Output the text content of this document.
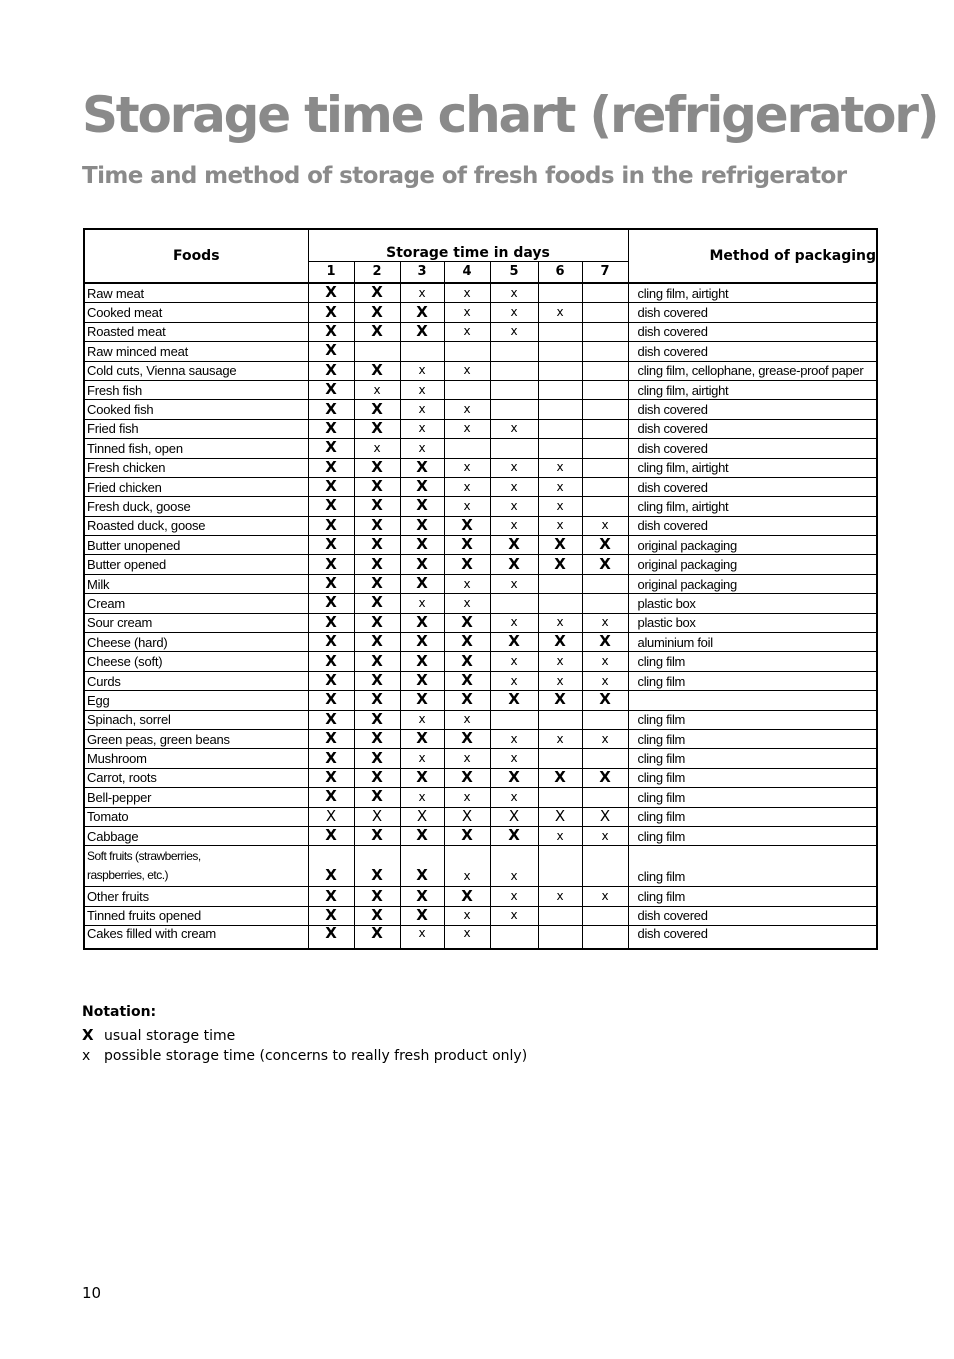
Storage time chart (refrigerator)
Time and method of storage of fresh foods in the refrigerator
Foods	Storage time in days							Method of packaging
	1	2	3	4	5	6	7	
Raw meat	X	X	x	x	x			cling film, airtight
Cooked meat	X	X	X	x	x	x		dish covered
Roasted meat	X	X	X	x	x			dish covered
Raw minced meat	X							dish covered
Cold cuts, Vienna sausage	X	X	x	x				cling film, cellophane, grease-proof paper
Fresh fish	X	x	x					cling film, airtight
Cooked fish	X	X	x	x				dish covered
Fried fish	X	X	x	x	x			dish covered
Tinned fish, open	X	x	x					dish covered
Fresh chicken	X	X	X	x	x	x		cling film, airtight
Fried chicken	X	X	X	x	x	x		dish covered
Fresh duck, goose	X	X	X	x	x	x		cling film, airtight
Roasted duck, goose	X	X	X	X	x	x	x	dish covered
Butter unopened	X	X	X	X	X	X	X	original packaging
Butter opened	X	X	X	X	X	X	X	original packaging
Milk	X	X	X	x	x			original packaging
Cream	X	X	x	x				plastic box
Sour cream	X	X	X	X	x	x	x	plastic box
Cheese (hard)	X	X	X	X	X	X	X	aluminium foil
Cheese (soft)	X	X	X	X	x	x	x	cling film
Curds	X	X	X	X	x	x	x	cling film
Egg	X	X	X	X	X	X	X	
Spinach, sorrel	X	X	x	x				cling film
Green peas, green beans	X	X	X	X	x	x	x	cling film
Mushroom	X	X	x	x	x			cling film
Carrot, roots	X	X	X	X	X	X	X	cling film
Bell-pepper	X	X	x	x	x			cling film
Tomato	X	X	X	X	X	X	X	cling film
Cabbage	X	X	X	X	X	x	x	cling film

Soft fruits (strawberries,
raspberries, etc.)	X	X	X	x	x			cling film
Other fruits	X	X	X	X	x	x	x	cling film
Tinned fruits opened	X	X	X	x	x			dish covered
Cakes filled with cream	X	X	x	x				dish covered
Notation:
X usual storage time
x possible storage time (concerns to really fresh product only)
10
